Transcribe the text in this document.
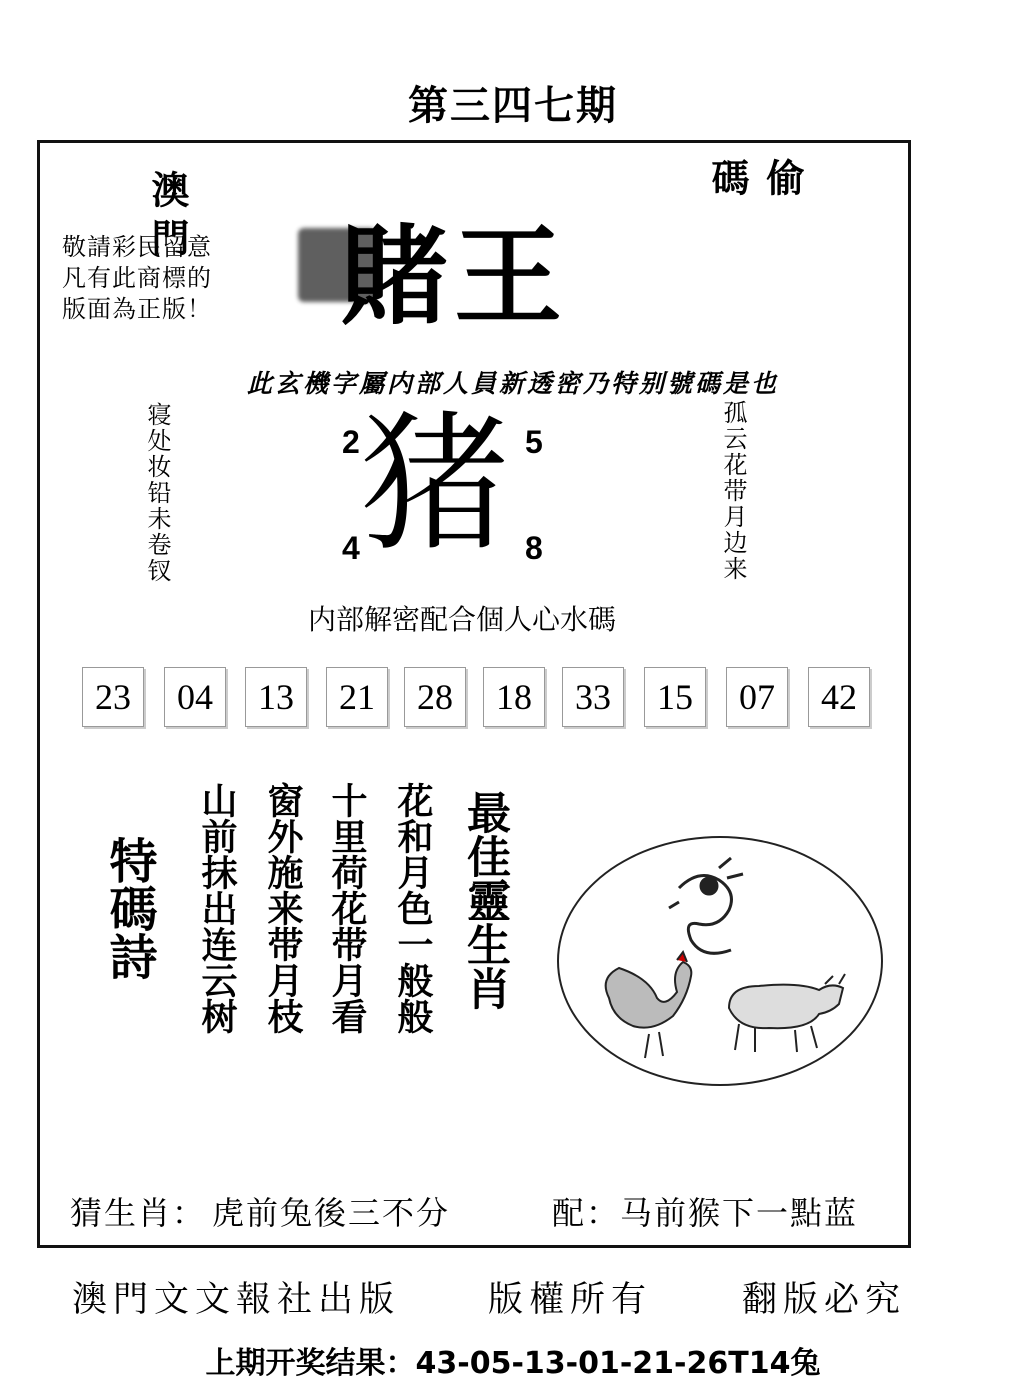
第三四七期
澳門	偷碼
敬請彩民留意
凡有此商標的
版面為正版！	賭王
此玄機字屬内部人員新透密乃特别號碼是也
寝处妆铅未卷钗	孤云花带月边来
猪
2	5
4	8
内部解密配合個人心水碼
23	04	13	21	28	18	33	15	07	42
特碼詩 山前抹出连云树 窗外施来带月枝 十里荷花带月看 花和月色一般般 最佳靈生肖
猜生肖： 虎前兔後三不分	配：马前猴下一點蓝
澳門文文報社出版	版權所有	翻版必究
上期开奖结果：43-05-13-01-21-26T14兔
